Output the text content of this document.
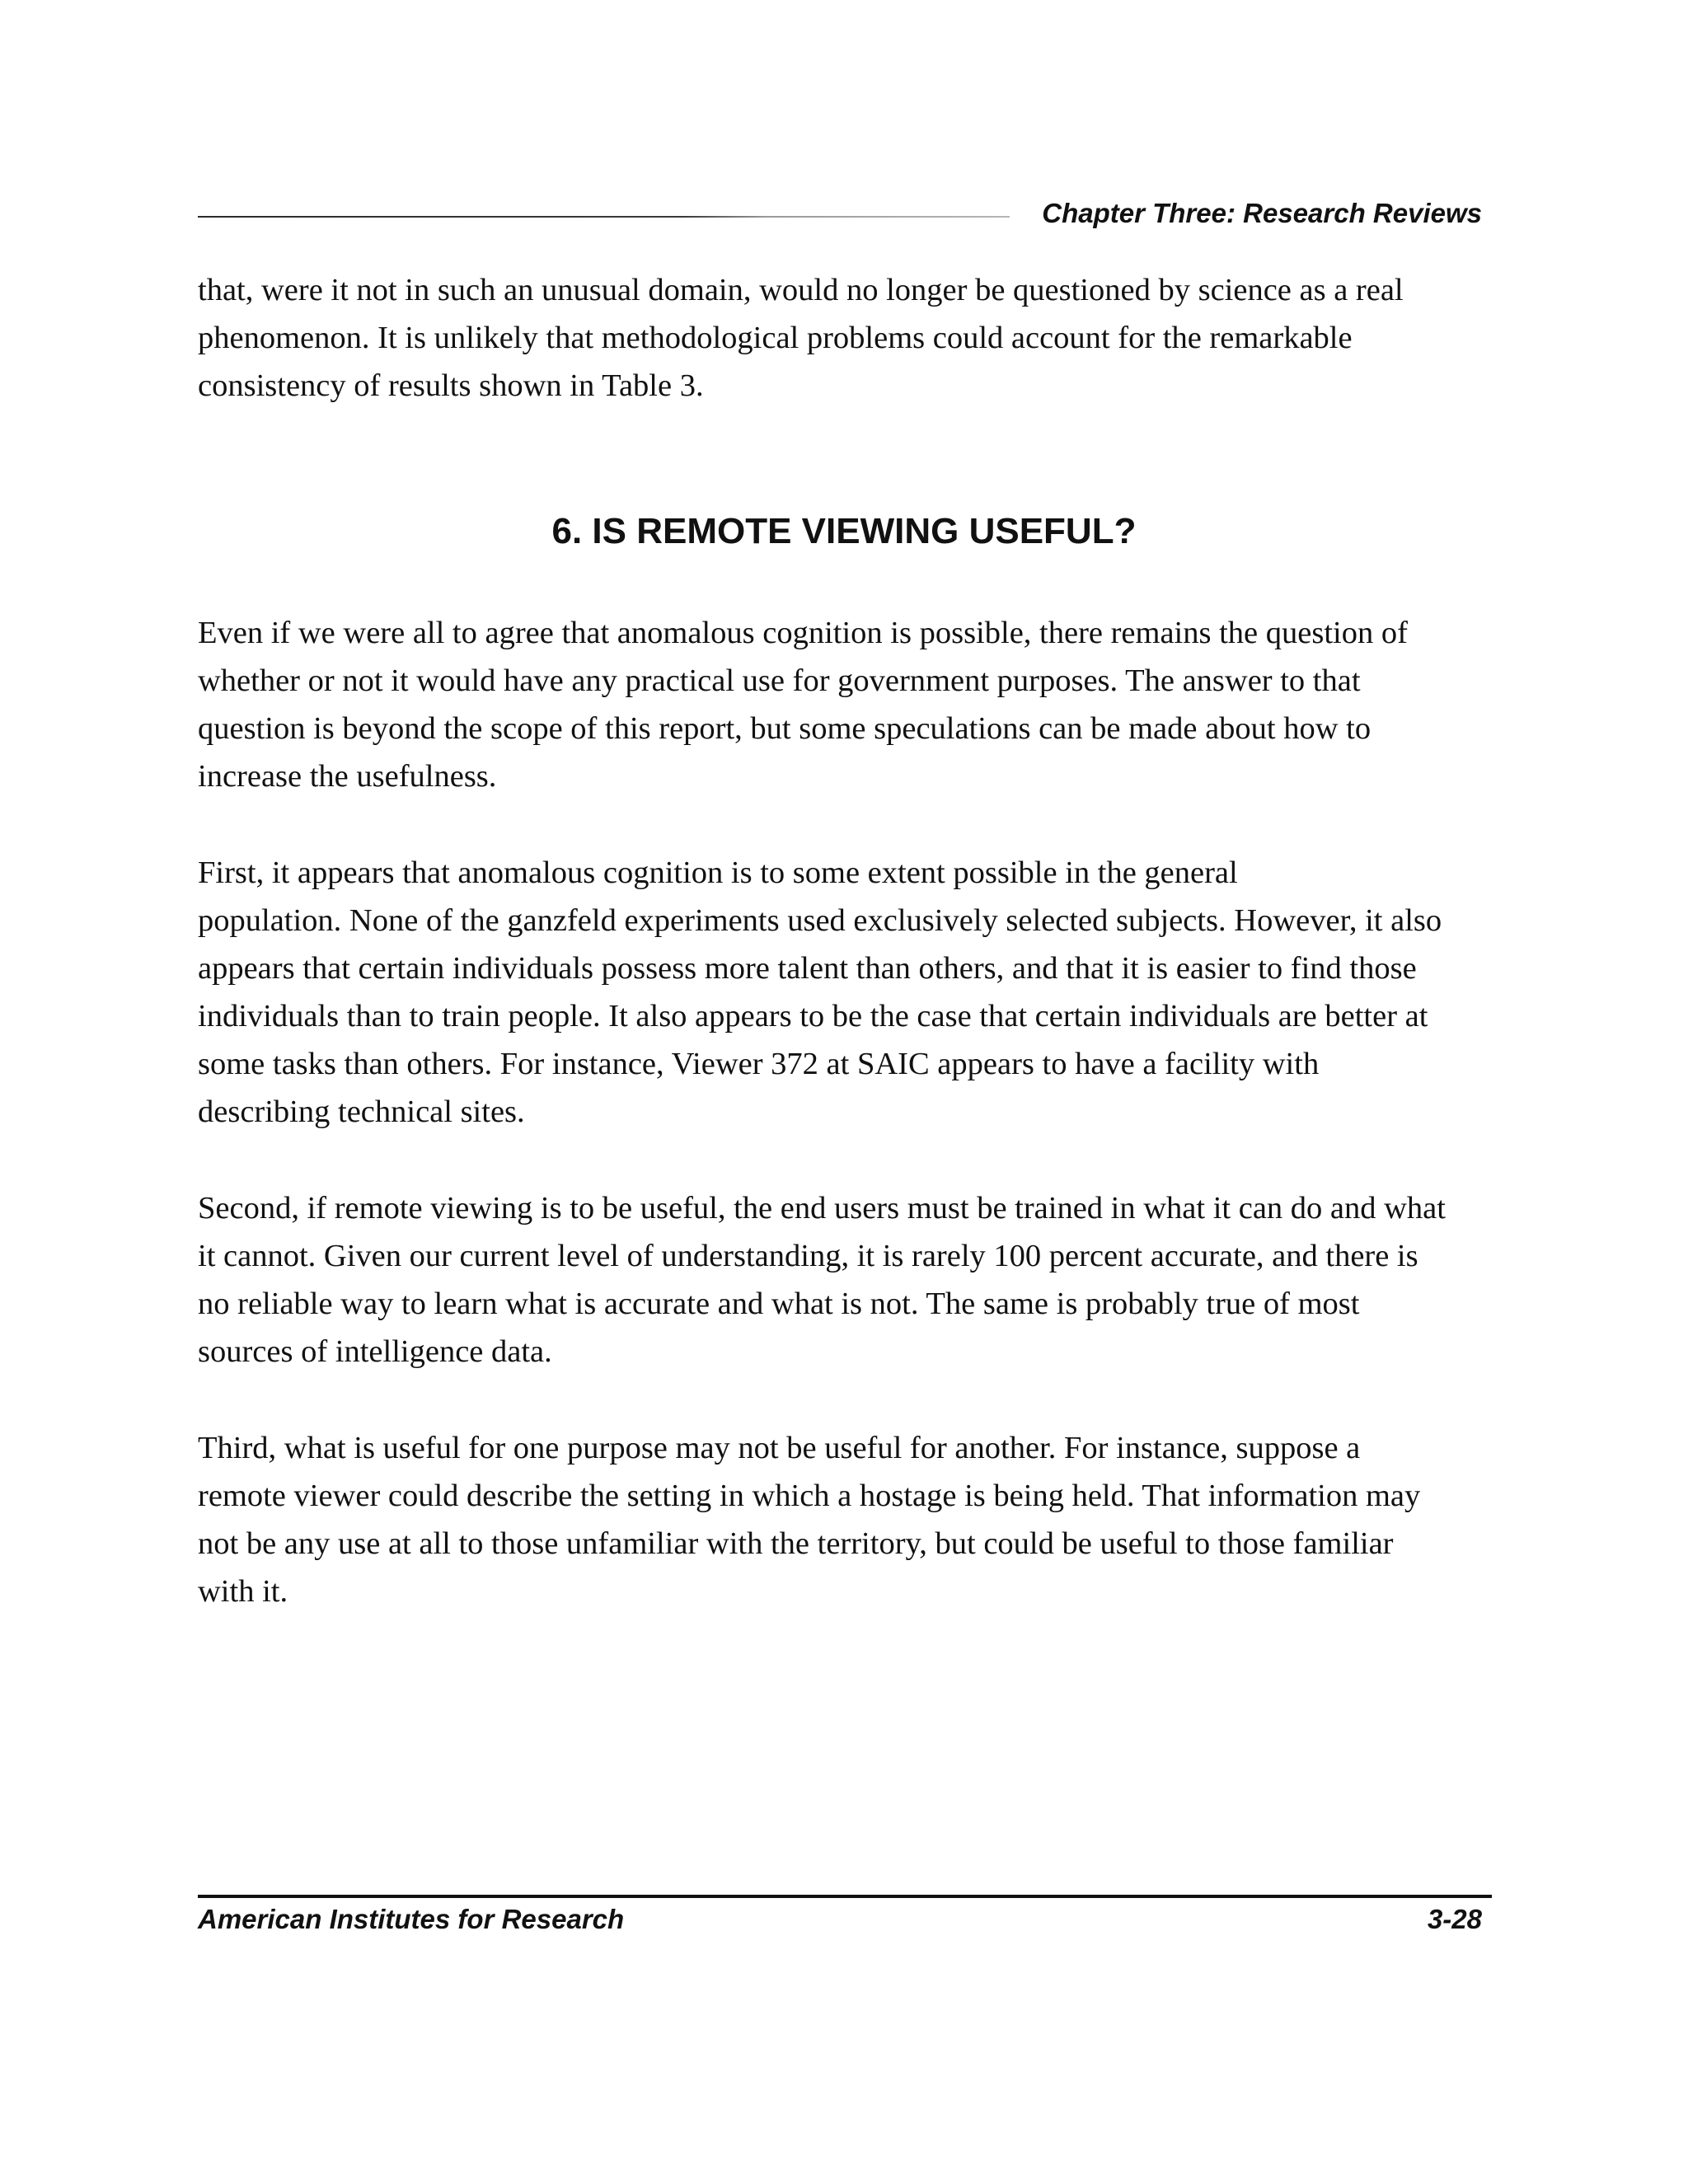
Chapter Three: Research Reviews

that, were it not in such an unusual domain, would no longer be questioned by science as a real
phenomenon. It is unlikely that methodological problems could account for the remarkable
consistency of results shown in Table 3.

6. IS REMOTE VIEWING USEFUL?

Even if we were all to agree that anomalous cognition is possible, there remains the question of
whether or not it would have any practical use for government purposes. The answer to that
question is beyond the scope of this report, but some speculations can be made about how to
increase the usefulness.

First, it appears that anomalous cognition is to some extent possible in the general
population. None of the ganzfeld experiments used exclusively selected subjects. However, it also
appears that certain individuals possess more talent than others, and that it is easier to find those
individuals than to train people. It also appears to be the case that certain individuals are better at
some tasks than others. For instance, Viewer 372 at SAIC appears to have a facility with
describing technical sites.

Second, if remote viewing is to be useful, the end users must be trained in what it can do and what
it cannot. Given our current level of understanding, it is rarely 100 percent accurate, and there is
no reliable way to learn what is accurate and what is not. The same is probably true of most
sources of intelligence data.

Third, what is useful for one purpose may not be useful for another. For instance, suppose a
remote viewer could describe the setting in which a hostage is being held. That information may
not be any use at all to those unfamiliar with the territory, but could be useful to those familiar
with it.

American Institutes for Research	3-28
